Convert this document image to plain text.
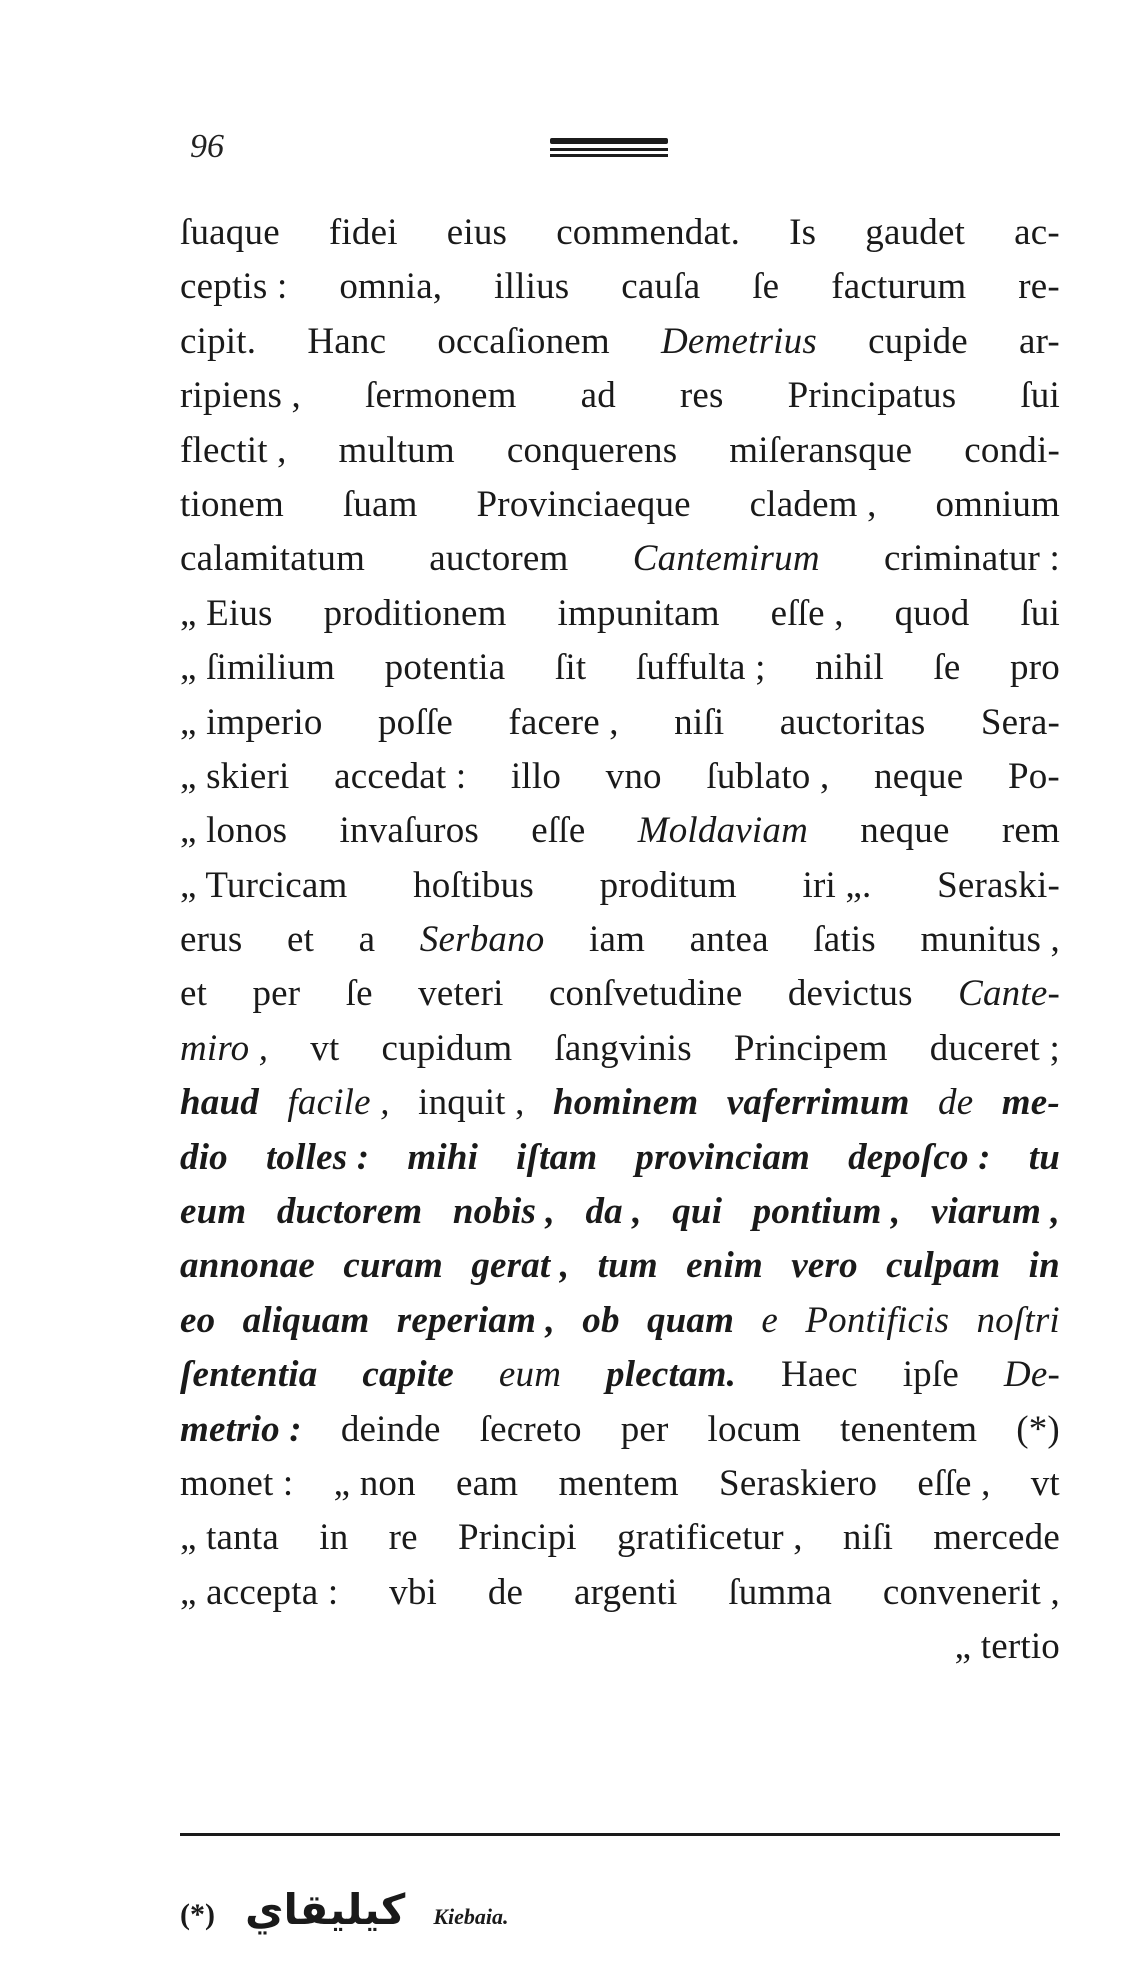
96
ſuaque fidei eius commendat. Is gaudet ac-
ceptis : omnia, illius cauſa ſe facturum re-
cipit. Hanc occaſionem Demetrius cupide ar-
ripiens , ſermonem ad res Principatus ſui
flectit , multum conquerens miſeransque condi-
tionem ſuam Provinciaeque cladem , omnium
calamitatum auctorem Cantemirum criminatur :
„ Eius proditionem impunitam eſſe , quod ſui
„ ſimilium potentia ſit ſuffulta ; nihil ſe pro
„ imperio poſſe facere , niſi auctoritas Sera-
„ skieri accedat : illo vno ſublato , neque Po-
„ lonos invaſuros eſſe Moldaviam neque rem
„ Turcicam hoſtibus proditum iri „. Seraski-
erus et a Serbano iam antea ſatis munitus ,
et per ſe veteri conſvetudine devictus Cante-
miro , vt cupidum ſangvinis Principem duceret ;
haud facile , inquit , hominem vaferrimum de me-
dio tolles : mihi iſtam provinciam depoſco : tu
eum ductorem nobis , da , qui pontium , viarum ,
annonae curam gerat , tum enim vero culpam in
eo aliquam reperiam , ob quam e Pontificis noſtri
ſententia capite eum plectam. Haec ipſe De-
metrio : deinde ſecreto per locum tenentem (*)
monet : „ non eam mentem Seraskiero eſſe , vt
„ tanta in re Principi gratificetur , niſi mercede
„ accepta : vbi de argenti ſumma convenerit ,
„ tertio
(*) كيليقاي Kiebaia.
